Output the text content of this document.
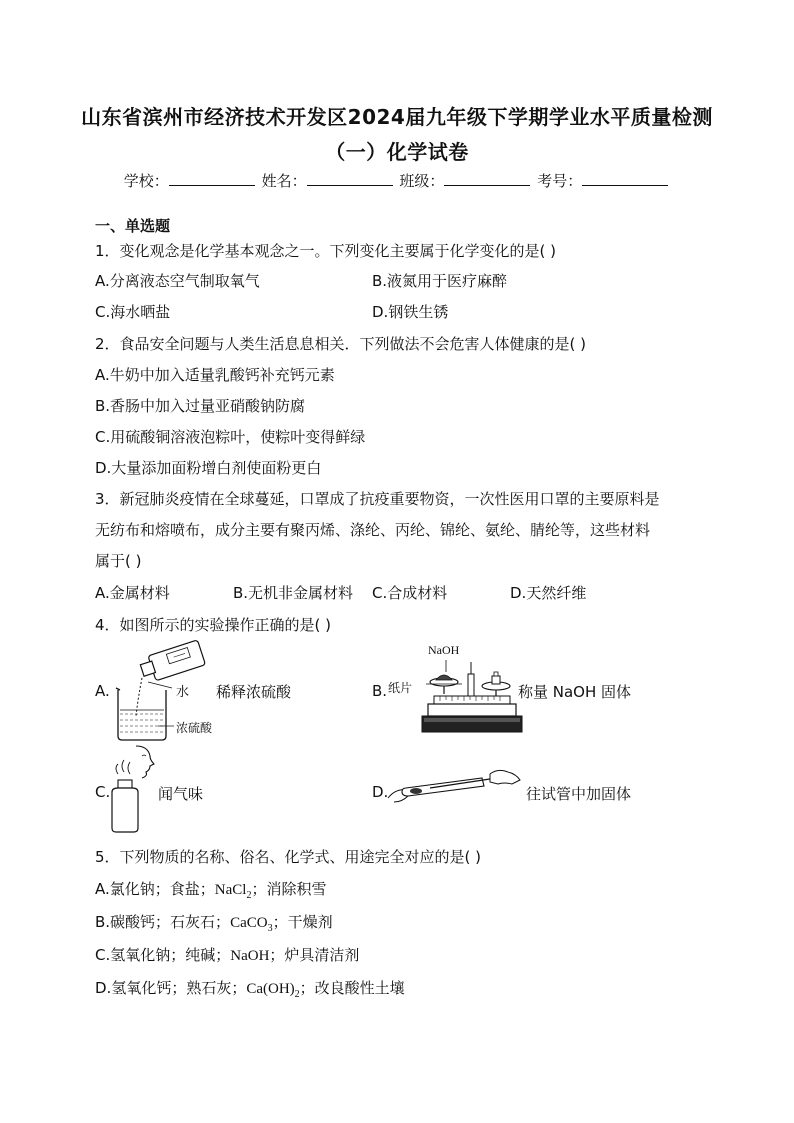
山东省滨州市经济技术开发区2024届九年级下学期学业水平质量检测
（一）化学试卷
学校：	姓名：	班级：	考号：
一、单选题
1．变化观念是化学基本观念之一。下列变化主要属于化学变化的是( )
A.分离液态空气制取氧气	B.液氮用于医疗麻醉
C.海水晒盐	D.钢铁生锈
2．食品安全问题与人类生活息息相关．下列做法不会危害人体健康的是( )
A.牛奶中加入适量乳酸钙补充钙元素
B.香肠中加入过量亚硝酸钠防腐
C.用硫酸铜溶液泡粽叶，使粽叶变得鲜绿
D.大量添加面粉增白剂使面粉更白
3．新冠肺炎疫情在全球蔓延，口罩成了抗疫重要物资，一次性医用口罩的主要原料是
无纺布和熔喷布，成分主要有聚丙烯、涤纶、丙纶、锦纶、氨纶、腈纶等，这些材料
属于( )
A.金属材料	B.无机非金属材料 C.合成材料	D.天然纤维
4．如图所示的实验操作正确的是( )
A.	水
浓硫酸
稀释浓硫酸	B.
NaOH
纸片	称量 NaOH 固体
C.	闻气味	D.	往试管中加固体
5．下列物质的名称、俗名、化学式、用途完全对应的是( )
A.氯化钠；食盐；NaCl$_2$；消除积雪
B.碳酸钙；石灰石；CaCO$_3$；干燥剂
C.氢氧化钠；纯碱；NaOH；炉具清洁剂
D.氢氧化钙；熟石灰；$Ca(OH)_2$；改良酸性土壤
